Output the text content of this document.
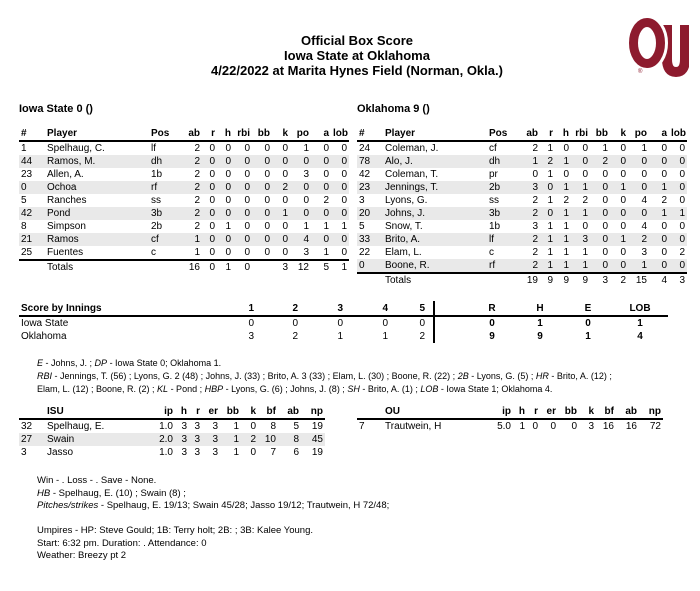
Official Box Score
Iowa State at Oklahoma
4/22/2022 at Marita Hynes Field (Norman, Okla.)	®
Iowa State 0 ()	Oklahoma 9 ()
#	Player	Pos	ab	r	h	rbi	bb	k	po	a	lob
1	Spelhaug, C.	lf	2	0	0	0	0	0	1	0	0
44	Ramos, M.	dh	2	0	0	0	0	0	0	0	0
23	Allen, A.	1b	2	0	0	0	0	0	3	0	0
0	Ochoa	rf	2	0	0	0	0	2	0	0	0
5	Ranches	ss	2	0	0	0	0	0	0	2	0
42	Pond	3b	2	0	0	0	0	1	0	0	0
8	Simpson	2b	2	0	1	0	0	0	1	1	1
21	Ramos	cf	1	0	0	0	0	0	4	0	0
25	Fuentes	c	1	0	0	0	0	0	3	1	0
	Totals		16	0	1	0		3	12	5	1
#	Player	Pos	ab	r	h	rbi	bb	k	po	a	lob
24	Coleman, J.	cf	2	1	0	0	1	0	1	0	0
78	Alo, J.	dh	1	2	1	0	2	0	0	0	0
42	Coleman, T.	pr	0	1	0	0	0	0	0	0	0
23	Jennings, T.	2b	3	0	1	1	0	1	0	1	0
3	Lyons, G.	ss	2	1	2	2	0	0	4	2	0
20	Johns, J.	3b	2	0	1	1	0	0	0	1	1
5	Snow, T.	1b	3	1	1	0	0	0	4	0	0
33	Brito, A.	lf	2	1	1	3	0	1	2	0	0
22	Elam, L.	c	2	1	1	1	0	0	3	0	2
0	Boone, R.	rf	2	1	1	1	0	0	1	0	0
	Totals		19	9	9	9	3	2	15	4	3
Score by Innings	1	2	3	4	5		R	H	E	LOB
Iowa State	0	0	0	0	0		0	1	0	1
Oklahoma	3	2	1	1	2		9	9	1	4
E - Johns, J. ; DP - Iowa State 0; Oklahoma 1.
RBI - Jennings, T. (56) ; Lyons, G. 2 (48) ; Johns, J. (33) ; Brito, A. 3 (33) ; Elam, L. (30) ; Boone, R. (22) ; 2B - Lyons, G. (5) ; HR - Brito, A. (12) ;
Elam, L. (12) ; Boone, R. (2) ; KL - Pond ; HBP - Lyons, G. (6) ; Johns, J. (8) ; SH - Brito, A. (1) ; LOB - Iowa State 1; Oklahoma 4.
	ISU	ip	h	r	er	bb	k	bf	ab	np
32	Spelhaug, E.	1.0	3	3	3	1	0	8	5	19
27	Swain	2.0	3	3	3	1	2	10	8	45
3	Jasso	1.0	3	3	3	1	0	7	6	19
	OU	ip	h	r	er	bb	k	bf	ab	np
7	Trautwein, H	5.0	1	0	0	0	3	16	16	72
Win - . Loss - . Save - None.
HB - Spelhaug, E. (10) ; Swain (8) ;
Pitches/strikes - Spelhaug, E. 19/13; Swain 45/28; Jasso 19/12; Trautwein, H 72/48;
Umpires - HP: Steve Gould; 1B: Terry holt; 2B: ; 3B: Kalee Young.
Start: 6:32 pm. Duration: . Attendance: 0
Weather: Breezy pt 2
